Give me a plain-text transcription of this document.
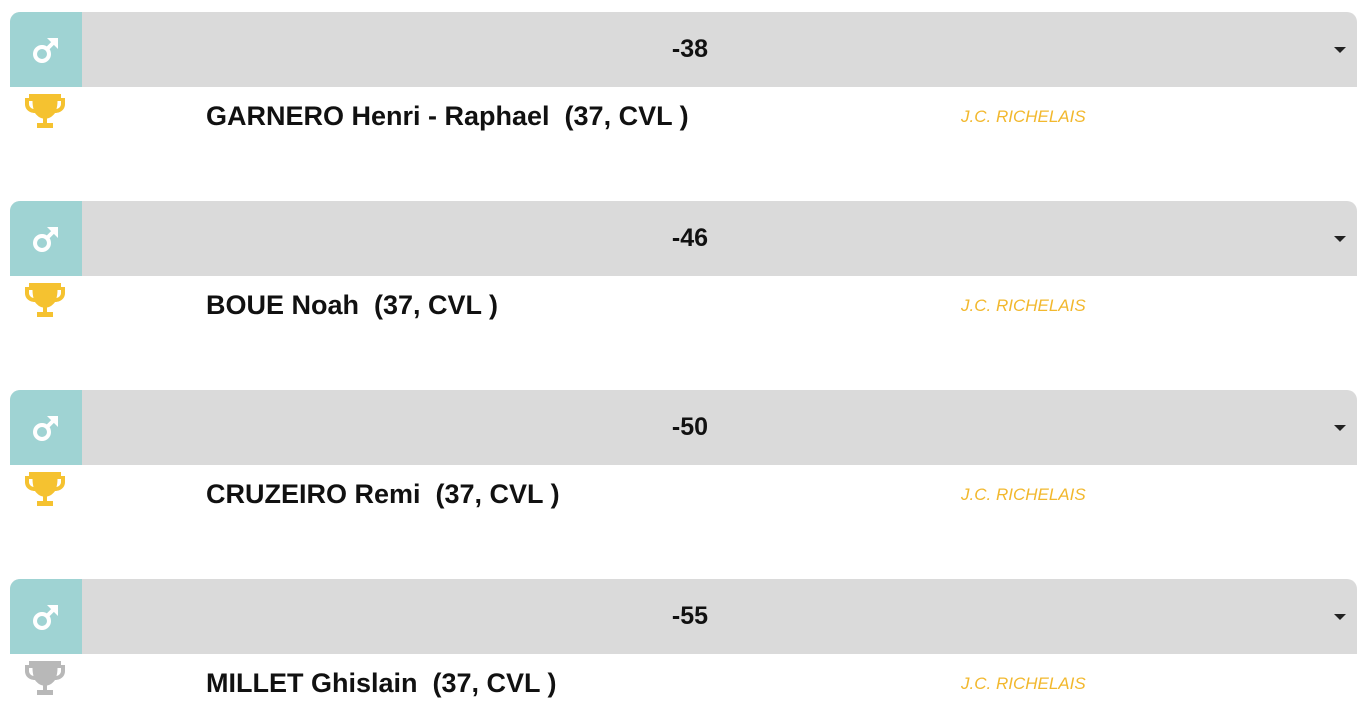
-38
GARNERO Henri - Raphael  (37, CVL )	J.C. RICHELAIS
-46
BOUE Noah  (37, CVL )	J.C. RICHELAIS
-50
CRUZEIRO Remi  (37, CVL )	J.C. RICHELAIS
-55
MILLET Ghislain  (37, CVL )	J.C. RICHELAIS
